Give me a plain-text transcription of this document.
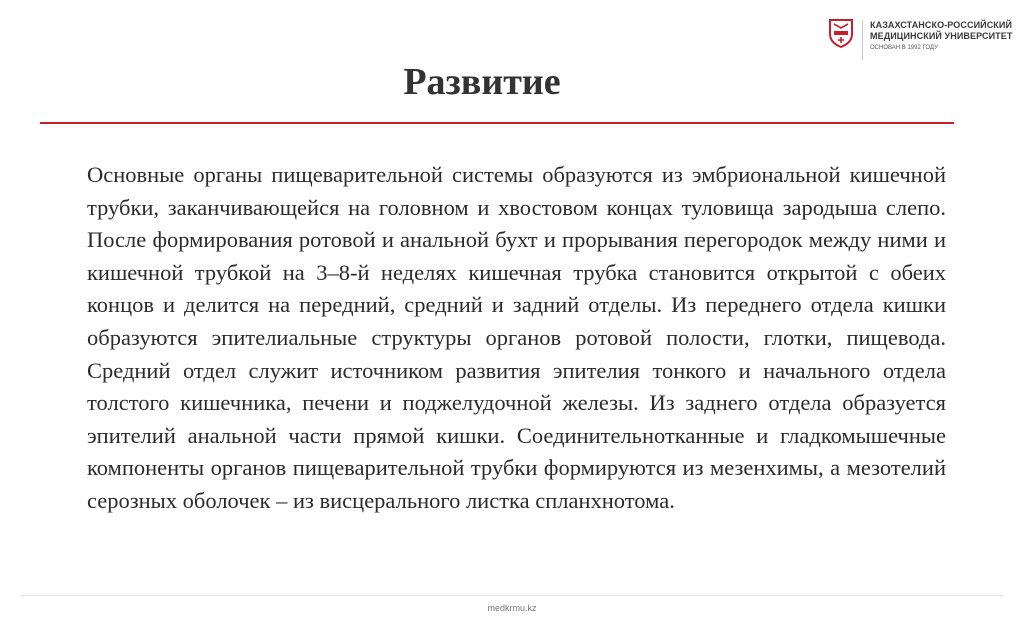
КАЗАХСТАНСКО-РОССИЙСКИЙ
МЕДИЦИНСКИЙ УНИВЕРСИТЕТ
ОСНОВАН В 1992 ГОДУ
Развитие

Основные органы пищеварительной системы образуются из эмбриональной кишечной трубки, заканчивающейся на головном и хвостовом концах туловища зародыша слепо. После формирования ротовой и анальной бухт и прорывания перегородок между ними и кишечной трубкой на 3–8-й неделях кишечная трубка становится открытой с обеих концов и делится на передний, средний и задний отделы. Из переднего отдела кишки образуются эпителиальные структуры органов ротовой полости, глотки, пищевода. Средний отдел служит источником развития эпителия тонкого и начального отдела толстого кишечника, печени и поджелудочной железы. Из заднего отдела образуется эпителий анальной части прямой кишки. Соединительнотканные и гладкомышечные компоненты органов пищеварительной трубки формируются из мезенхимы, а мезотелий серозных оболочек – из висцерального листка спланхнотома.

medkrmu.kz
